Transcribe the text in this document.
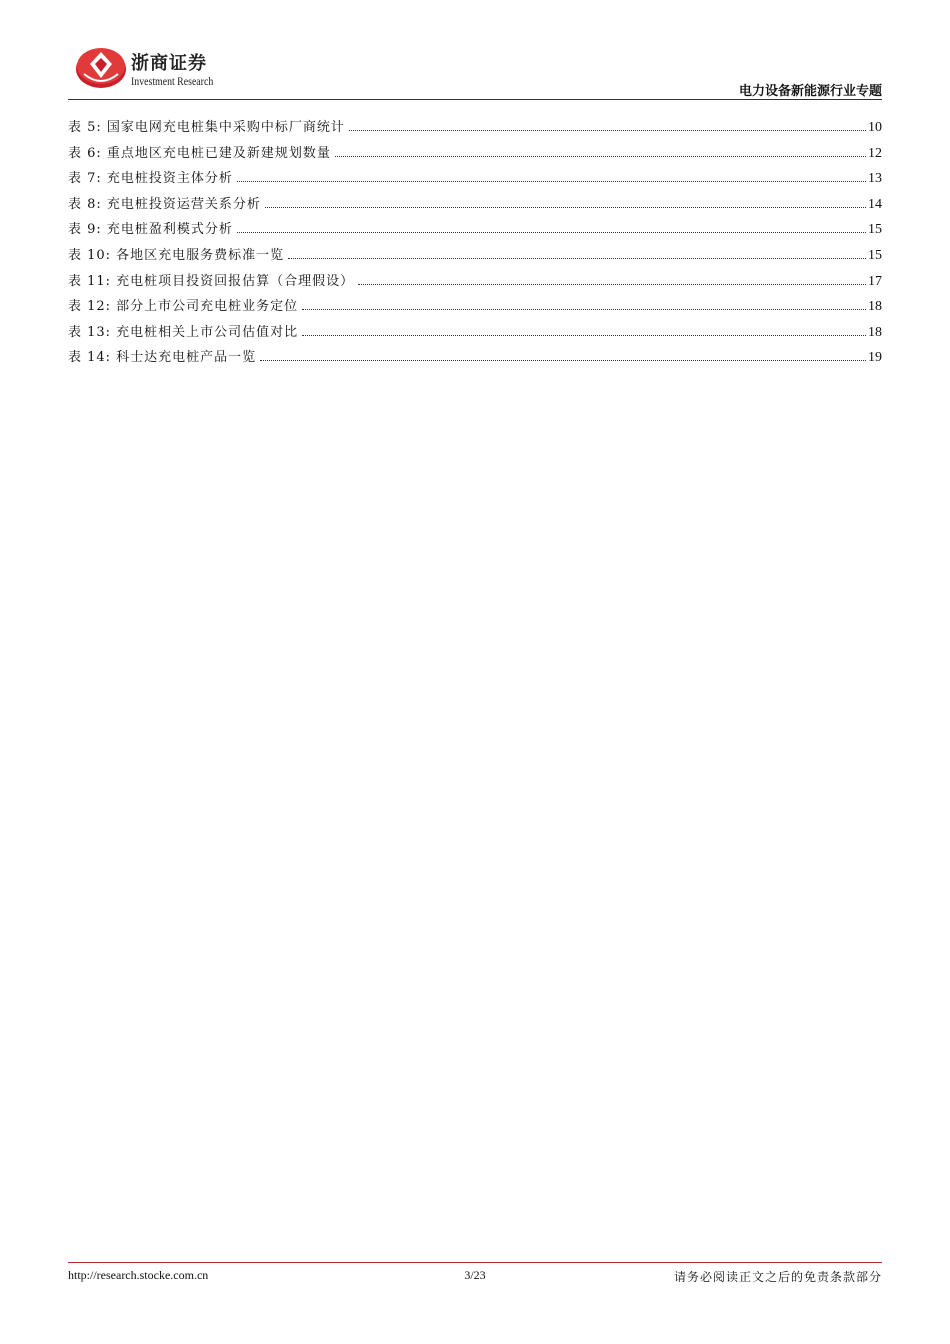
浙商证券
Investment Research
电力设备新能源行业专题
表 5: 国家电网充电桩集中采购中标厂商统计	10
表 6: 重点地区充电桩已建及新建规划数量	12
表 7: 充电桩投资主体分析	13
表 8: 充电桩投资运营关系分析	14
表 9: 充电桩盈利模式分析	15
表 10: 各地区充电服务费标准一览	15
表 11: 充电桩项目投资回报估算（合理假设）	17
表 12: 部分上市公司充电桩业务定位	18
表 13: 充电桩相关上市公司估值对比	18
表 14: 科士达充电桩产品一览	19
http://research.stocke.com.cn	3/23	请务必阅读正文之后的免责条款部分
